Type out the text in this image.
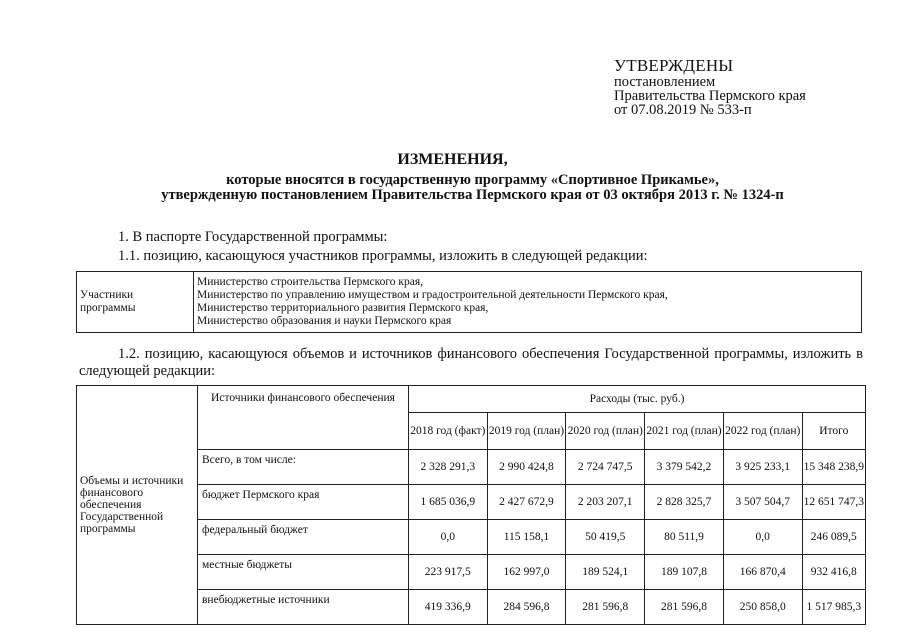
УТВЕРЖДЕНЫ
постановлением
Правительства Пермского края
от 07.08.2019 № 533-п
ИЗМЕНЕНИЯ,
которые вносятся в государственную программу «Спортивное Прикамье»,
утвержденную постановлением Правительства Пермского края от 03 октября 2013 г. № 1324-п
1. В паспорте Государственной программы:
1.1. позицию, касающуюся участников программы, изложить в следующей редакции:
Участники программы	
Министерство строительства Пермского края,
Министерство по управлению имуществом и градостроительной деятельности Пермского края,
Министерство территориального развития Пермского края,
Министерство образования и науки Пермского края
1.2. позицию, касающуюся объемов и источников финансового обеспечения Государственной программы, изложить в следующей редакции:
Объемы и источники финансового обеспечения Государственной программы	Источники финансового обеспечения	Расходы (тыс. руб.)					
		2018 год (факт)	2019 год (план)	2020 год (план)	2021 год (план)	2022 год (план)	Итого
	Всего, в том числе:	2 328 291,3	2 990 424,8	2 724 747,5	3 379 542,2	3 925 233,1	15 348 238,9
	бюджет Пермского края	1 685 036,9	2 427 672,9	2 203 207,1	2 828 325,7	3 507 504,7	12 651 747,3
	федеральный бюджет	0,0	115 158,1	50 419,5	80 511,9	0,0	246 089,5
	местные бюджеты	223 917,5	162 997,0	189 524,1	189 107,8	166 870,4	932 416,8
	внебюджетные источники	419 336,9	284 596,8	281 596,8	281 596,8	250 858,0	1 517 985,3
